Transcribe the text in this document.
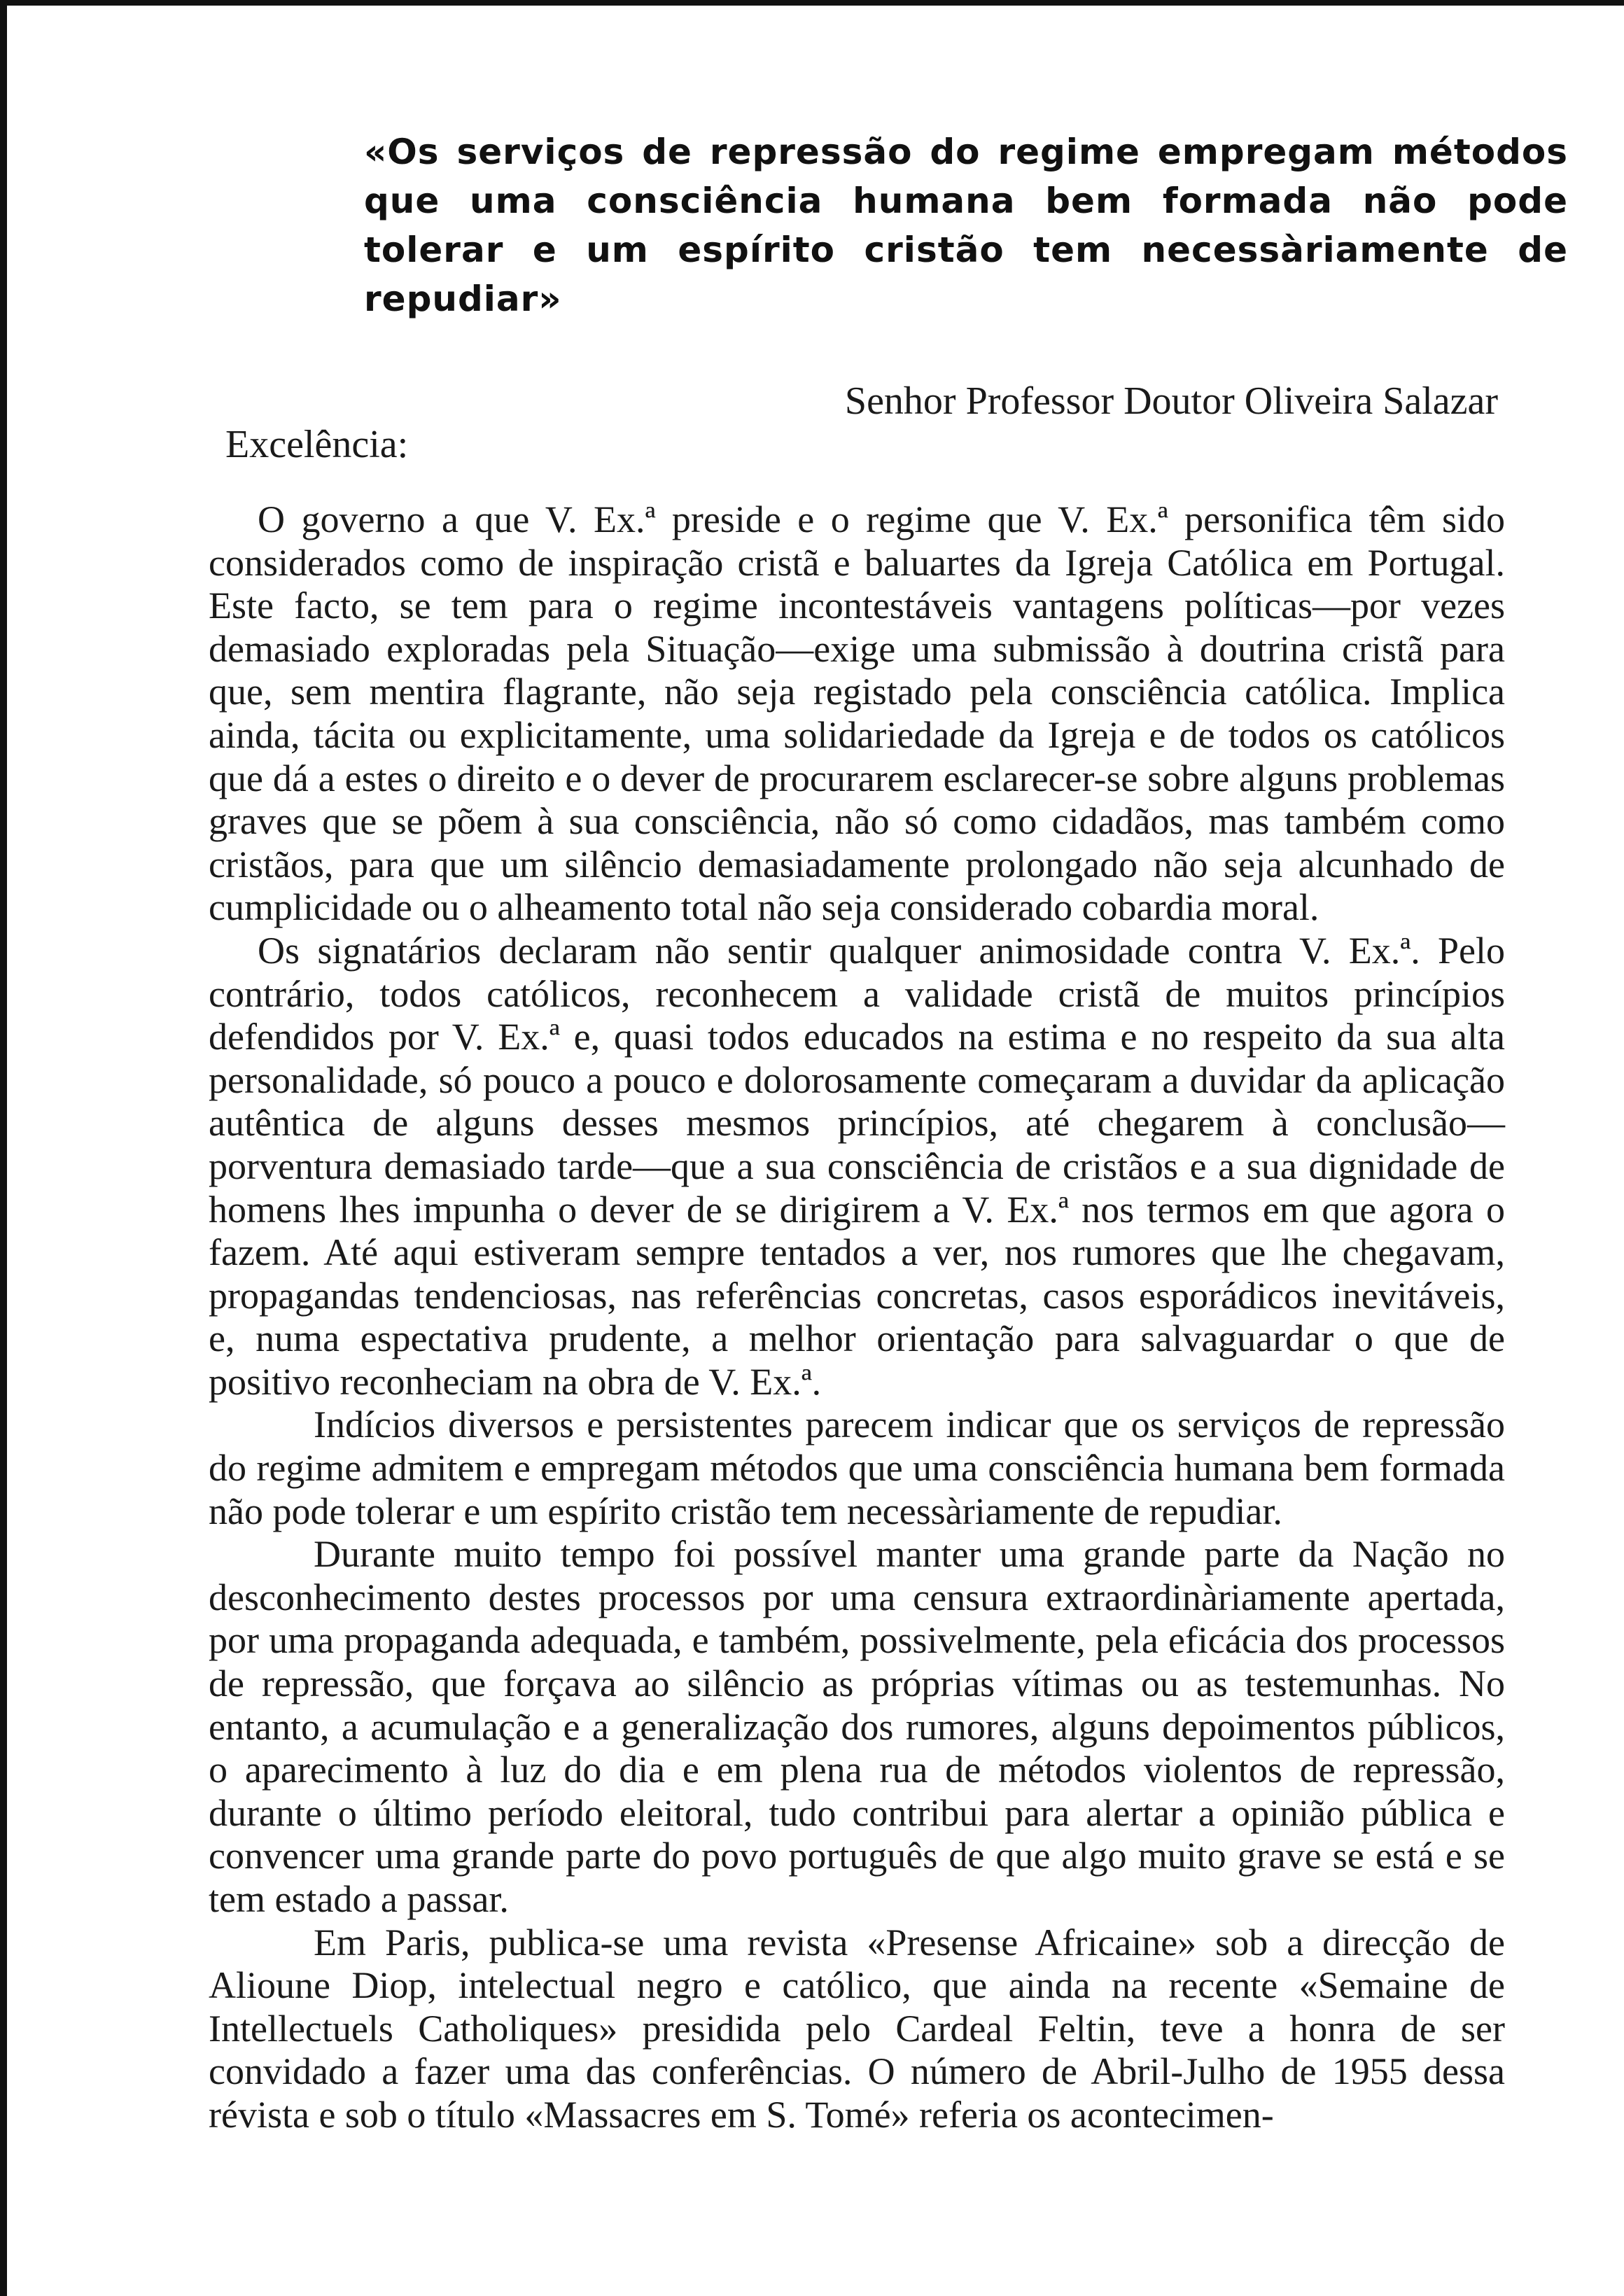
«Os serviços de repressão do regime empregam métodos que uma consciência humana bem formada não pode tolerar e um espírito cristão tem necessàriamente de repudiar»
Senhor Professor Doutor Oliveira Salazar
Excelência:

O governo a que V. Ex.ª preside e o regime que V. Ex.ª personifica têm sido considerados como de inspiração cristã e baluartes da Igreja Católica em Portugal. Este facto, se tem para o regime incontestáveis vantagens políticas—por vezes demasiado exploradas pela Situação—exige uma submissão à doutrina cristã para que, sem mentira flagrante, não seja registado pela consciência católica. Implica ainda, tácita ou explicitamente, uma solidariedade da Igreja e de todos os católicos que dá a estes o direito e o dever de procurarem esclarecer-se sobre alguns problemas graves que se põem à sua consciência, não só como cidadãos, mas também como cristãos, para que um silêncio demasiadamente prolongado não seja alcunhado de cumplicidade ou o alheamento total não seja considerado cobardia moral.

Os signatários declaram não sentir qualquer animosidade contra V. Ex.ª. Pelo contrário, todos católicos, reconhecem a validade cristã de muitos princípios defendidos por V. Ex.ª e, quasi todos educados na estima e no respeito da sua alta personalidade, só pouco a pouco e dolorosamente começaram a duvidar da aplicação autêntica de alguns desses mesmos princípios, até chegarem à conclusão—porventura demasiado tarde—que a sua consciência de cristãos e a sua dignidade de homens lhes impunha o dever de se dirigirem a V. Ex.ª nos termos em que agora o fazem. Até aqui estiveram sempre tentados a ver, nos rumores que lhe chegavam, propagandas tendenciosas, nas referências concretas, casos esporádicos inevitáveis, e, numa espectativa prudente, a melhor orientação para salvaguardar o que de positivo reconheciam na obra de V. Ex.ª.

Indícios diversos e persistentes parecem indicar que os serviços de repressão do regime admitem e empregam métodos que uma consciência humana bem formada não pode tolerar e um espírito cristão tem necessàriamente de repudiar.

Durante muito tempo foi possível manter uma grande parte da Nação no desconhecimento destes processos por uma censura extraordinàriamente apertada, por uma propaganda adequada, e também, possivelmente, pela eficácia dos processos de repressão, que forçava ao silêncio as próprias vítimas ou as testemunhas. No entanto, a acumulação e a generalização dos rumores, alguns depoimentos públicos, o aparecimento à luz do dia e em plena rua de métodos violentos de repressão, durante o último período eleitoral, tudo contribui para alertar a opinião pública e convencer uma grande parte do povo português de que algo muito grave se está e se tem estado a passar.

Em Paris, publica-se uma revista «Presense Africaine» sob a direcção de Alioune Diop, intelectual negro e católico, que ainda na recente «Semaine de Intellectuels Catholiques» presidida pelo Cardeal Feltin, teve a honra de ser convidado a fazer uma das conferências. O número de Abril-Julho de 1955 dessa révista e sob o título «Massacres em S. Tomé» referia os acontecimen-
